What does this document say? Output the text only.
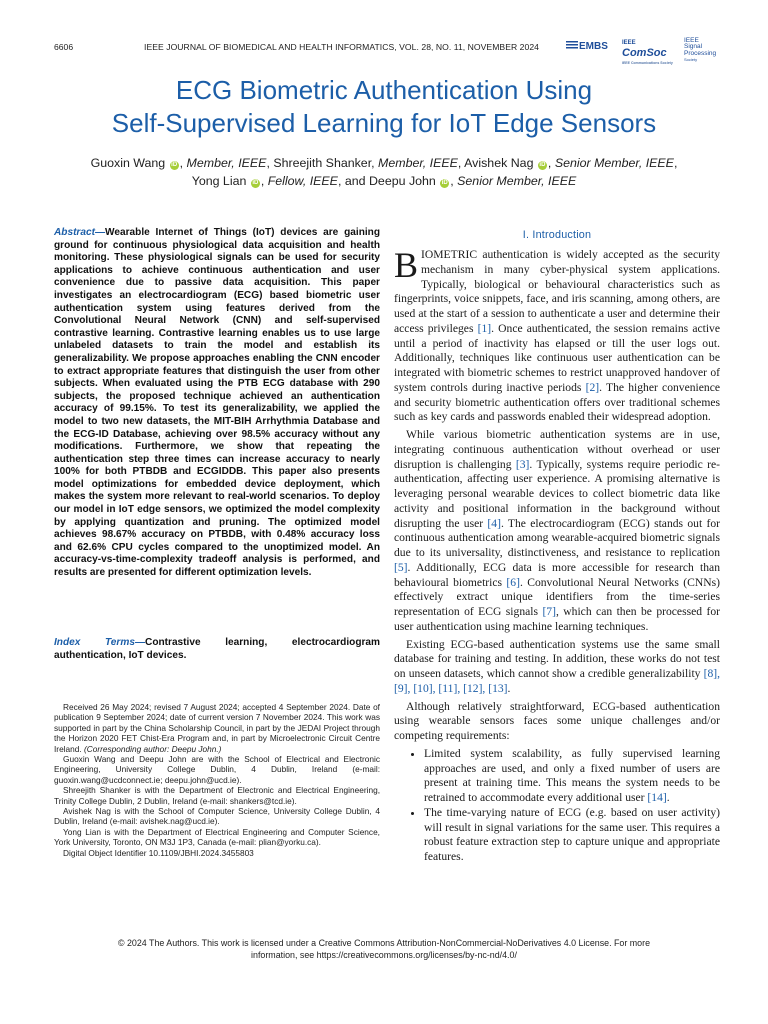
6606	IEEE JOURNAL OF BIOMEDICAL AND HEALTH INFORMATICS, VOL. 28, NO. 11, NOVEMBER 2024	EMBS IEEE
ComSoc
IEEE Communications Society
IEEE
Signal
Processing
Society
ECG Biometric Authentication Using
Self-Supervised Learning for IoT Edge Sensors
Guoxin Wang iD , Member, IEEE, Shreejith Shanker, Member, IEEE, Avishek Nag iD , Senior Member, IEEE,
Yong Lian iD , Fellow, IEEE, and Deepu John iD , Senior Member, IEEE
Abstract—Wearable Internet of Things (IoT) devices are gaining ground for continuous physiological data acquisition and health monitoring. These physiological signals can be used for security applications to achieve continuous authentication and user convenience due to passive data acquisition. This paper investigates an electrocardiogram (ECG) based biometric user authentication system using features derived from the Convolutional Neural Network (CNN) and self-supervised contrastive learning. Contrastive learning enables us to use large unlabeled datasets to train the model and establish its generalizability. We propose approaches enabling the CNN encoder to extract appropriate features that distinguish the user from other subjects. When evaluated using the PTB ECG database with 290 subjects, the proposed technique achieved an authentication accuracy of 99.15%. To test its generalizability, we applied the model to two new datasets, the MIT-BIH Arrhythmia Database and the ECG-ID Database, achieving over 98.5% accuracy without any modifications. Furthermore, we show that repeating the authentication step three times can increase accuracy to nearly 100% for both PTBDB and ECGIDDB. This paper also presents model optimizations for embedded device deployment, which makes the system more relevant to real-world scenarios. To deploy our model in IoT edge sensors, we optimized the model complexity by applying quantization and pruning. The optimized model achieves 98.67% accuracy on PTBDB, with 0.48% accuracy loss and 62.6% CPU cycles compared to the unoptimized model. An accuracy-vs-time-complexity tradeoff analysis is performed, and results are presented for different optimization levels.
Index Terms—Contrastive learning, electrocardiogram authentication, IoT devices.

Received 26 May 2024; revised 7 August 2024; accepted 4 September 2024. Date of publication 9 September 2024; date of current version 7 November 2024. This work was supported in part by the China Scholarship Council, in part by the JEDAI Project through the Horizon 2020 FET Chist-Era Program and, in part by Microelectronic Circuit Centre Ireland. (Corresponding author: Deepu John.)

Guoxin Wang and Deepu John are with the School of Electrical and Electronic Engineering, University College Dublin, 4 Dublin, Ireland (e-mail: guoxin.wang@ucdconnect.ie; deepu.john@ucd.ie).

Shreejith Shanker is with the Department of Electronic and Electrical Engineering, Trinity College Dublin, 2 Dublin, Ireland (e-mail: shankers@tcd.ie).

Avishek Nag is with the School of Computer Science, University College Dublin, 4 Dublin, Ireland (e-mail: avishek.nag@ucd.ie).

Yong Lian is with the Department of Electrical Engineering and Computer Science, York University, Toronto, ON M3J 1P3, Canada (e-mail: plian@yorku.ca).

Digital Object Identifier 10.1109/JBHI.2024.3455803

I. Introduction

BIOMETRIC authentication is widely accepted as the security mechanism in many cyber-physical system applications. Typically, biological or behavioural characteristics such as fingerprints, voice snippets, face, and iris scanning, among others, are used at the start of a session to authenticate a user and determine their access privileges [1]. Once authenticated, the session remains active until a period of inactivity has elapsed or till the user logs out. Additionally, techniques like continuous user authentication can be integrated with biometric schemes to restrict unapproved handover of system controls during inactive periods [2]. The higher convenience and security biometric authentication offers over traditional schemes such as key cards and passwords enabled their widespread adoption.

While various biometric authentication systems are in use, integrating continuous authentication without overhead or user disruption is challenging [3]. Typically, systems require periodic re-authentication, affecting user experience. A promising alternative is leveraging personal wearable devices to collect biometric data like activity and positional information in the background without disrupting the user [4]. The electrocardiogram (ECG) stands out for continuous authentication among wearable-acquired biometric signals due to its universality, distinctiveness, and resistance to replication [5]. Additionally, ECG data is more accessible for research than behavioural biometrics [6]. Convolutional Neural Networks (CNNs) effectively extract unique identifiers from the time-series representation of ECG signals [7], which can then be processed for user authentication using machine learning techniques.

Existing ECG-based authentication systems use the same small database for training and testing. In addition, these works do not test on unseen datasets, which cannot show a credible generalizability [8], [9], [10], [11], [12], [13].

Although relatively straightforward, ECG-based authentication using wearable sensors faces some unique challenges and/or competing requirements:

• Limited system scalability, as fully supervised learning approaches are used, and only a fixed number of users are present at training time. This means the system needs to be retrained to accommodate every additional user [14].
• The time-varying nature of ECG (e.g. based on user activity) will result in signal variations for the same user. This requires a robust feature extraction step to capture unique and appropriate features.
© 2024 The Authors. This work is licensed under a Creative Commons Attribution-NonCommercial-NoDerivatives 4.0 License. For more
information, see https://creativecommons.org/licenses/by-nc-nd/4.0/
